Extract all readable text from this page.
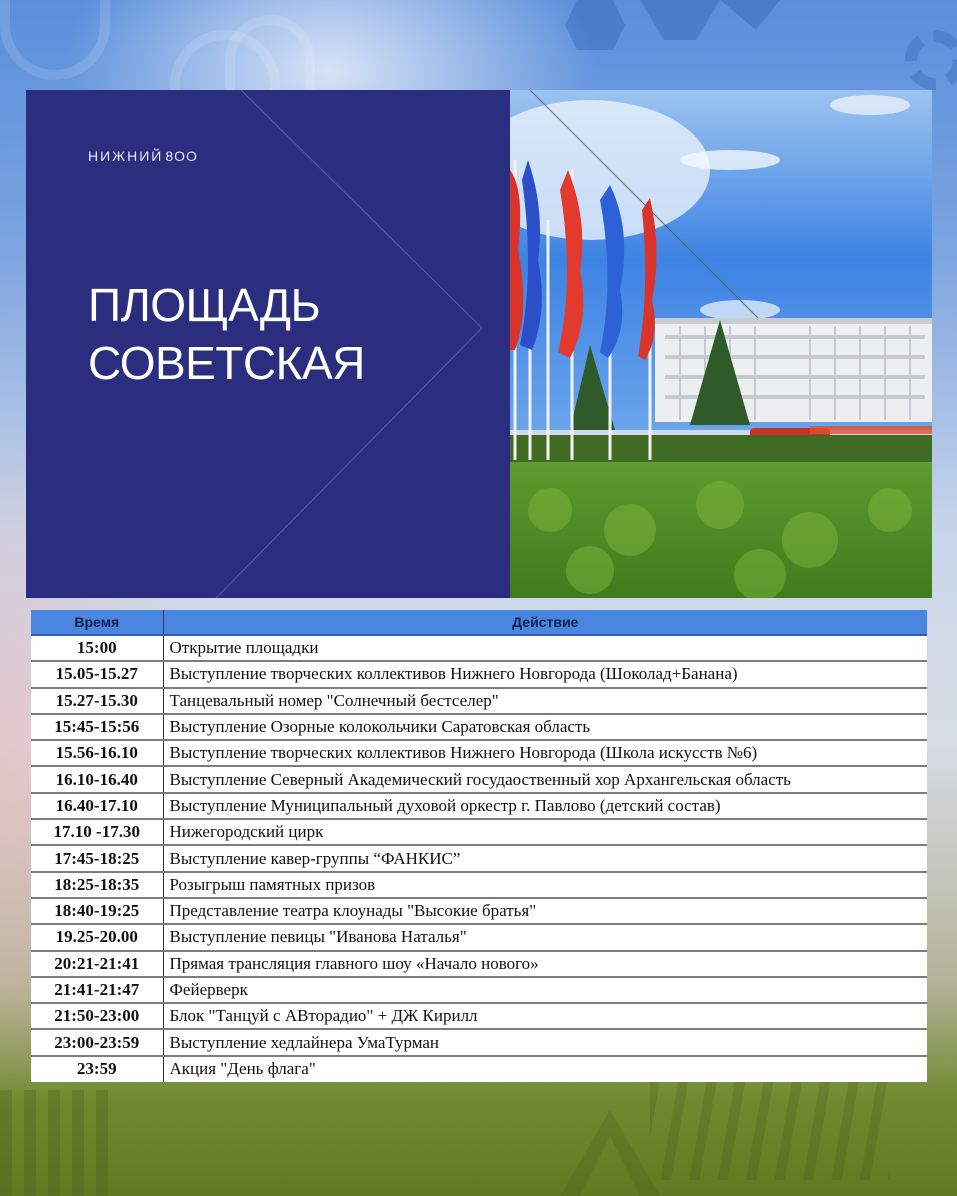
НИЖНИЙ 8ОО
ПЛОЩАДЬ
СОВЕТСКАЯ
Время	Действие
15:00	Открытие площадки
15.05-15.27	Выступление творческих коллективов Нижнего Новгорода (Шоколад+Банана)
15.27-15.30	Танцевальный номер "Солнечный бестселер"
15:45-15:56	Выступление Озорные колокольчики Саратовская область
15.56-16.10	Выступление творческих коллективов Нижнего Новгорода (Школа искусств №6)
16.10-16.40	Выступление Северный Академический госудаоственный хор Архангельская область
16.40-17.10	Выступление Муниципальный духовой оркестр г. Павлово (детский состав)
17.10 -17.30	Нижегородский цирк
17:45-18:25	Выступление кавер-группы “ФАНКИС”
18:25-18:35	Розыгрыш памятных призов
18:40-19:25	Представление театра клоунады "Высокие братья"
19.25-20.00	Выступление певицы "Иванова Наталья"
20:21-21:41	Прямая трансляция главного шоу «Начало нового»
21:41-21:47	Фейерверк
21:50-23:00	Блок "Танцуй с АВторадио" + ДЖ Кирилл
23:00-23:59	Выступление хедлайнера УмаТурман
23:59	Акция "День флага"
